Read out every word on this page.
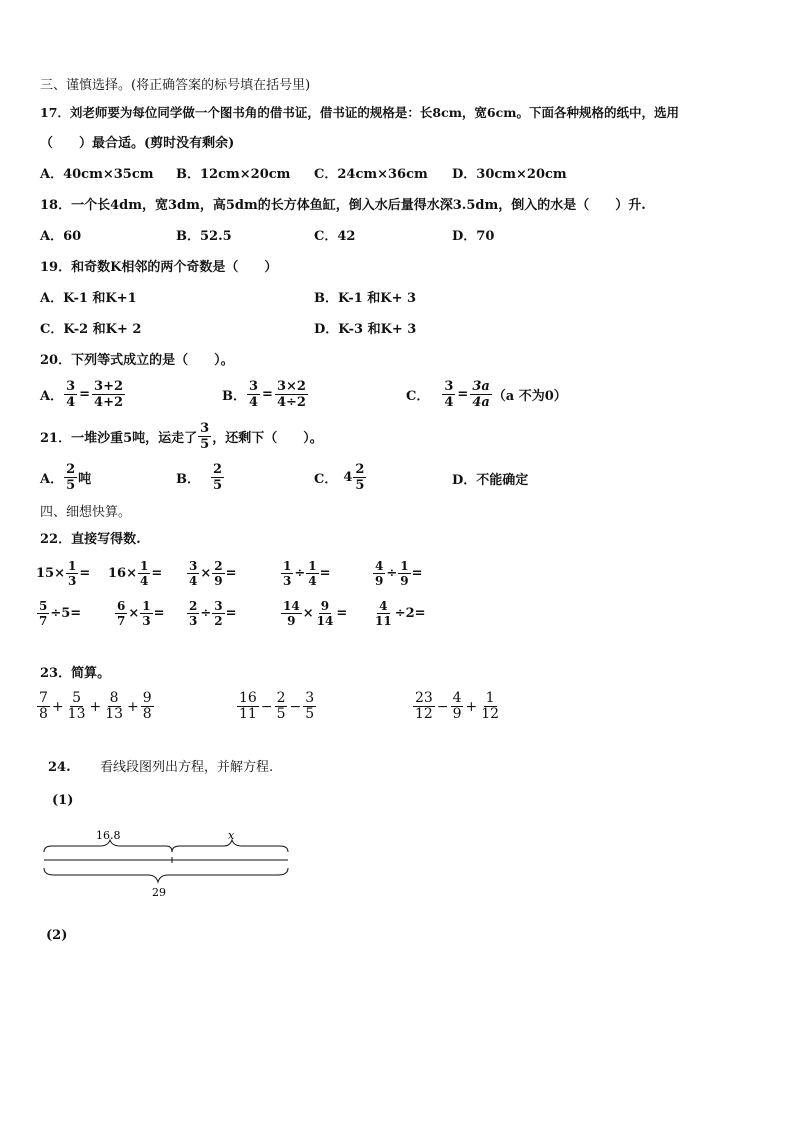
三、谨慎选择。(将正确答案的标号填在括号里)
17．刘老师要为每位同学做一个图书角的借书证，借书证的规格是：长8cm，宽6cm。下面各种规格的纸中，选用
（　　）最合适。(剪时没有剩余)
A．40cm×35cm B．12cm×20cm C．24cm×36cm D．30cm×20cm
18．一个长4dm，宽3dm，高5dm的长方体鱼缸，倒入水后量得水深3.5dm，倒入的水是（　　）升.
A．60	B．52.5	C．42	D．70
19．和奇数K相邻的两个奇数是（　　）
A．K-1 和K+1	B．K-1 和K+ 3
C．K-2 和K+ 2	D．K-3 和K+ 3
20．下列等式成立的是（　　）。
A． $\frac{3}{4} = \frac{3+2}{4+2}$	B． $\frac{3}{4} = \frac{3\times 2}{4\div 2}$	C． $\frac{3}{4} = \frac{3a}{4a} (a$ 不为0）
21．一堆沙重5吨，运走了 $\frac{3}{5}$ ，还剩下（　　）。
A． $\frac{2}{5}$ 吨	B． $\frac{2}{5}$	C． $4 \frac{2}{5}$	D．不能确定
四、细想快算。
22．直接写得数.
$15\times \frac{1}{3} = 16\times \frac{1}{4} = \frac{3}{4} \times \frac{2}{9}$ =	$\frac{1}{3} \div \frac{1}{4}$ =	$\frac{4}{9} \div \frac{1}{9}$ =
$\frac{5}{7} \div 5=$	$\frac{6}{7} \times \frac{1}{3} = \frac{2}{3} \div \frac{3}{2}$ =	$\frac{14}{9} \times \frac{9}{14} = \frac{4}{11} \div 2=$
23．简算。
$\frac{7}{8} + \frac{5}{13} + \frac{8}{13} + \frac{9}{8}$	$\frac{16}{11} - \frac{2}{5} - \frac{3}{5}$	$\frac{23}{12} - \frac{4}{9} + \frac{1}{12}$
24. 看线段图列出方程，并解方程.
(1)
16.8	x
29
(2)
